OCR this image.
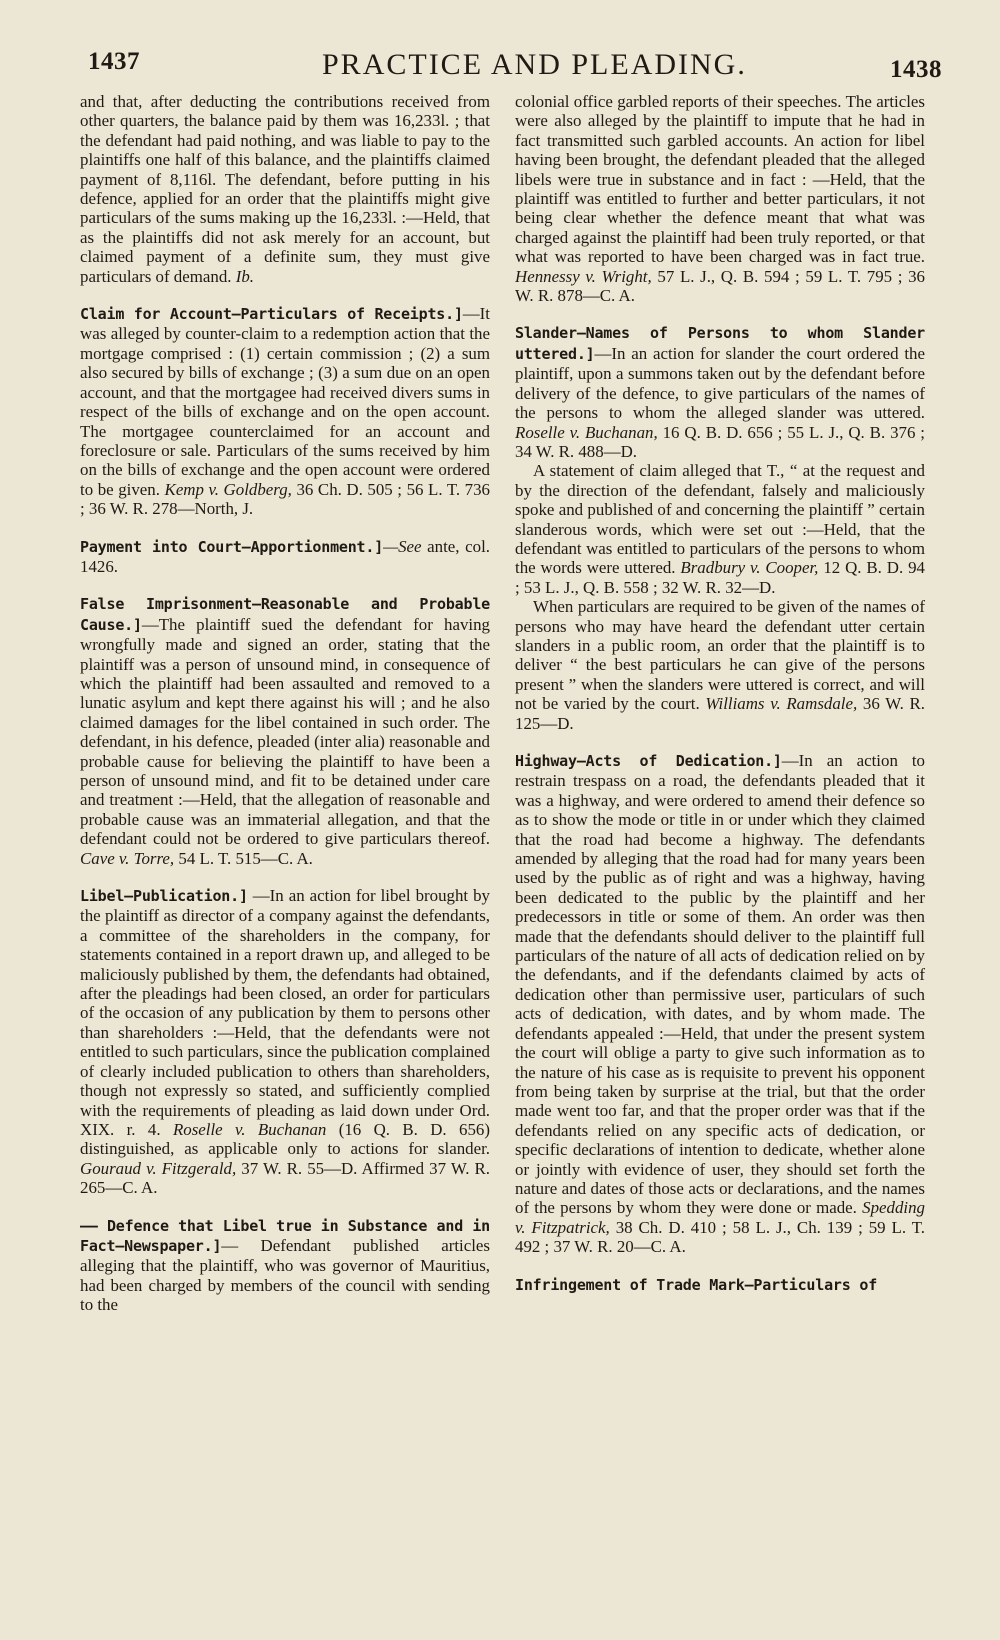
1437	PRACTICE AND PLEADING.	1438

and that, after deducting the contributions received from other quarters, the balance paid by them was 16,233l. ; that the defendant had paid nothing, and was liable to pay to the plaintiffs one half of this balance, and the plaintiffs claimed payment of 8,116l. The defendant, before putting in his defence, applied for an order that the plaintiffs might give particulars of the sums making up the 16,233l. :—Held, that as the plaintiffs did not ask merely for an account, but claimed payment of a definite sum, they must give particulars of demand. Ib.

Claim for Account—Particulars of Receipts.]—It was alleged by counter-claim to a redemption action that the mortgage comprised : (1) certain commission ; (2) a sum also secured by bills of exchange ; (3) a sum due on an open account, and that the mortgagee had received divers sums in respect of the bills of exchange and on the open account. The mortgagee counterclaimed for an account and foreclosure or sale. Particulars of the sums received by him on the bills of exchange and the open account were ordered to be given. Kemp v. Goldberg, 36 Ch. D. 505 ; 56 L. T. 736 ; 36 W. R. 278—North, J.

Payment into Court—Apportionment.]—See ante, col. 1426.

False Imprisonment—Reasonable and Probable Cause.]—The plaintiff sued the defendant for having wrongfully made and signed an order, stating that the plaintiff was a person of unsound mind, in consequence of which the plaintiff had been assaulted and removed to a lunatic asylum and kept there against his will ; and he also claimed damages for the libel contained in such order. The defendant, in his defence, pleaded (inter alia) reasonable and probable cause for believing the plaintiff to have been a person of unsound mind, and fit to be detained under care and treatment :—Held, that the allegation of reasonable and probable cause was an immaterial allegation, and that the defendant could not be ordered to give particulars thereof. Cave v. Torre, 54 L. T. 515—C. A.

Libel—Publication.] —In an action for libel brought by the plaintiff as director of a company against the defendants, a committee of the shareholders in the company, for statements contained in a report drawn up, and alleged to be maliciously published by them, the defendants had obtained, after the pleadings had been closed, an order for particulars of the occasion of any publication by them to persons other than shareholders :—Held, that the defendants were not entitled to such particulars, since the publication complained of clearly included publication to others than shareholders, though not expressly so stated, and sufficiently complied with the requirements of pleading as laid down under Ord. XIX. r. 4. Roselle v. Buchanan (16 Q. B. D. 656) distinguished, as applicable only to actions for slander. Gouraud v. Fitzgerald, 37 W. R. 55—D. Affirmed 37 W. R. 265—C. A.

—— Defence that Libel true in Substance and in Fact—Newspaper.]— Defendant published articles alleging that the plaintiff, who was governor of Mauritius, had been charged by members of the council with sending to the

colonial office garbled reports of their speeches. The articles were also alleged by the plaintiff to impute that he had in fact transmitted such garbled accounts. An action for libel having been brought, the defendant pleaded that the alleged libels were true in substance and in fact : —Held, that the plaintiff was entitled to further and better particulars, it not being clear whether the defence meant that what was charged against the plaintiff had been truly reported, or that what was reported to have been charged was in fact true. Hennessy v. Wright, 57 L. J., Q. B. 594 ; 59 L. T. 795 ; 36 W. R. 878—C. A.

Slander—Names of Persons to whom Slander uttered.]—In an action for slander the court ordered the plaintiff, upon a summons taken out by the defendant before delivery of the defence, to give particulars of the names of the persons to whom the alleged slander was uttered. Roselle v. Buchanan, 16 Q. B. D. 656 ; 55 L. J., Q. B. 376 ; 34 W. R. 488—D.

A statement of claim alleged that T., “ at the request and by the direction of the defendant, falsely and maliciously spoke and published of and concerning the plaintiff ” certain slanderous words, which were set out :—Held, that the defendant was entitled to particulars of the persons to whom the words were uttered. Bradbury v. Cooper, 12 Q. B. D. 94 ; 53 L. J., Q. B. 558 ; 32 W. R. 32—D.

When particulars are required to be given of the names of persons who may have heard the defendant utter certain slanders in a public room, an order that the plaintiff is to deliver “ the best particulars he can give of the persons present ” when the slanders were uttered is correct, and will not be varied by the court. Williams v. Ramsdale, 36 W. R. 125—D.

Highway—Acts of Dedication.]—In an action to restrain trespass on a road, the defendants pleaded that it was a highway, and were ordered to amend their defence so as to show the mode or title in or under which they claimed that the road had become a highway. The defendants amended by alleging that the road had for many years been used by the public as of right and was a highway, having been dedicated to the public by the plaintiff and her predecessors in title or some of them. An order was then made that the defendants should deliver to the plaintiff full particulars of the nature of all acts of dedication relied on by the defendants, and if the defendants claimed by acts of dedication other than permissive user, particulars of such acts of dedication, with dates, and by whom made. The defendants appealed :—Held, that under the present system the court will oblige a party to give such information as to the nature of his case as is requisite to prevent his opponent from being taken by surprise at the trial, but that the order made went too far, and that the proper order was that if the defendants relied on any specific acts of dedication, or specific declarations of intention to dedicate, whether alone or jointly with evidence of user, they should set forth the nature and dates of those acts or declarations, and the names of the persons by whom they were done or made. Spedding v. Fitzpatrick, 38 Ch. D. 410 ; 58 L. J., Ch. 139 ; 59 L. T. 492 ; 37 W. R. 20—C. A.

Infringement of Trade Mark—Particulars of
